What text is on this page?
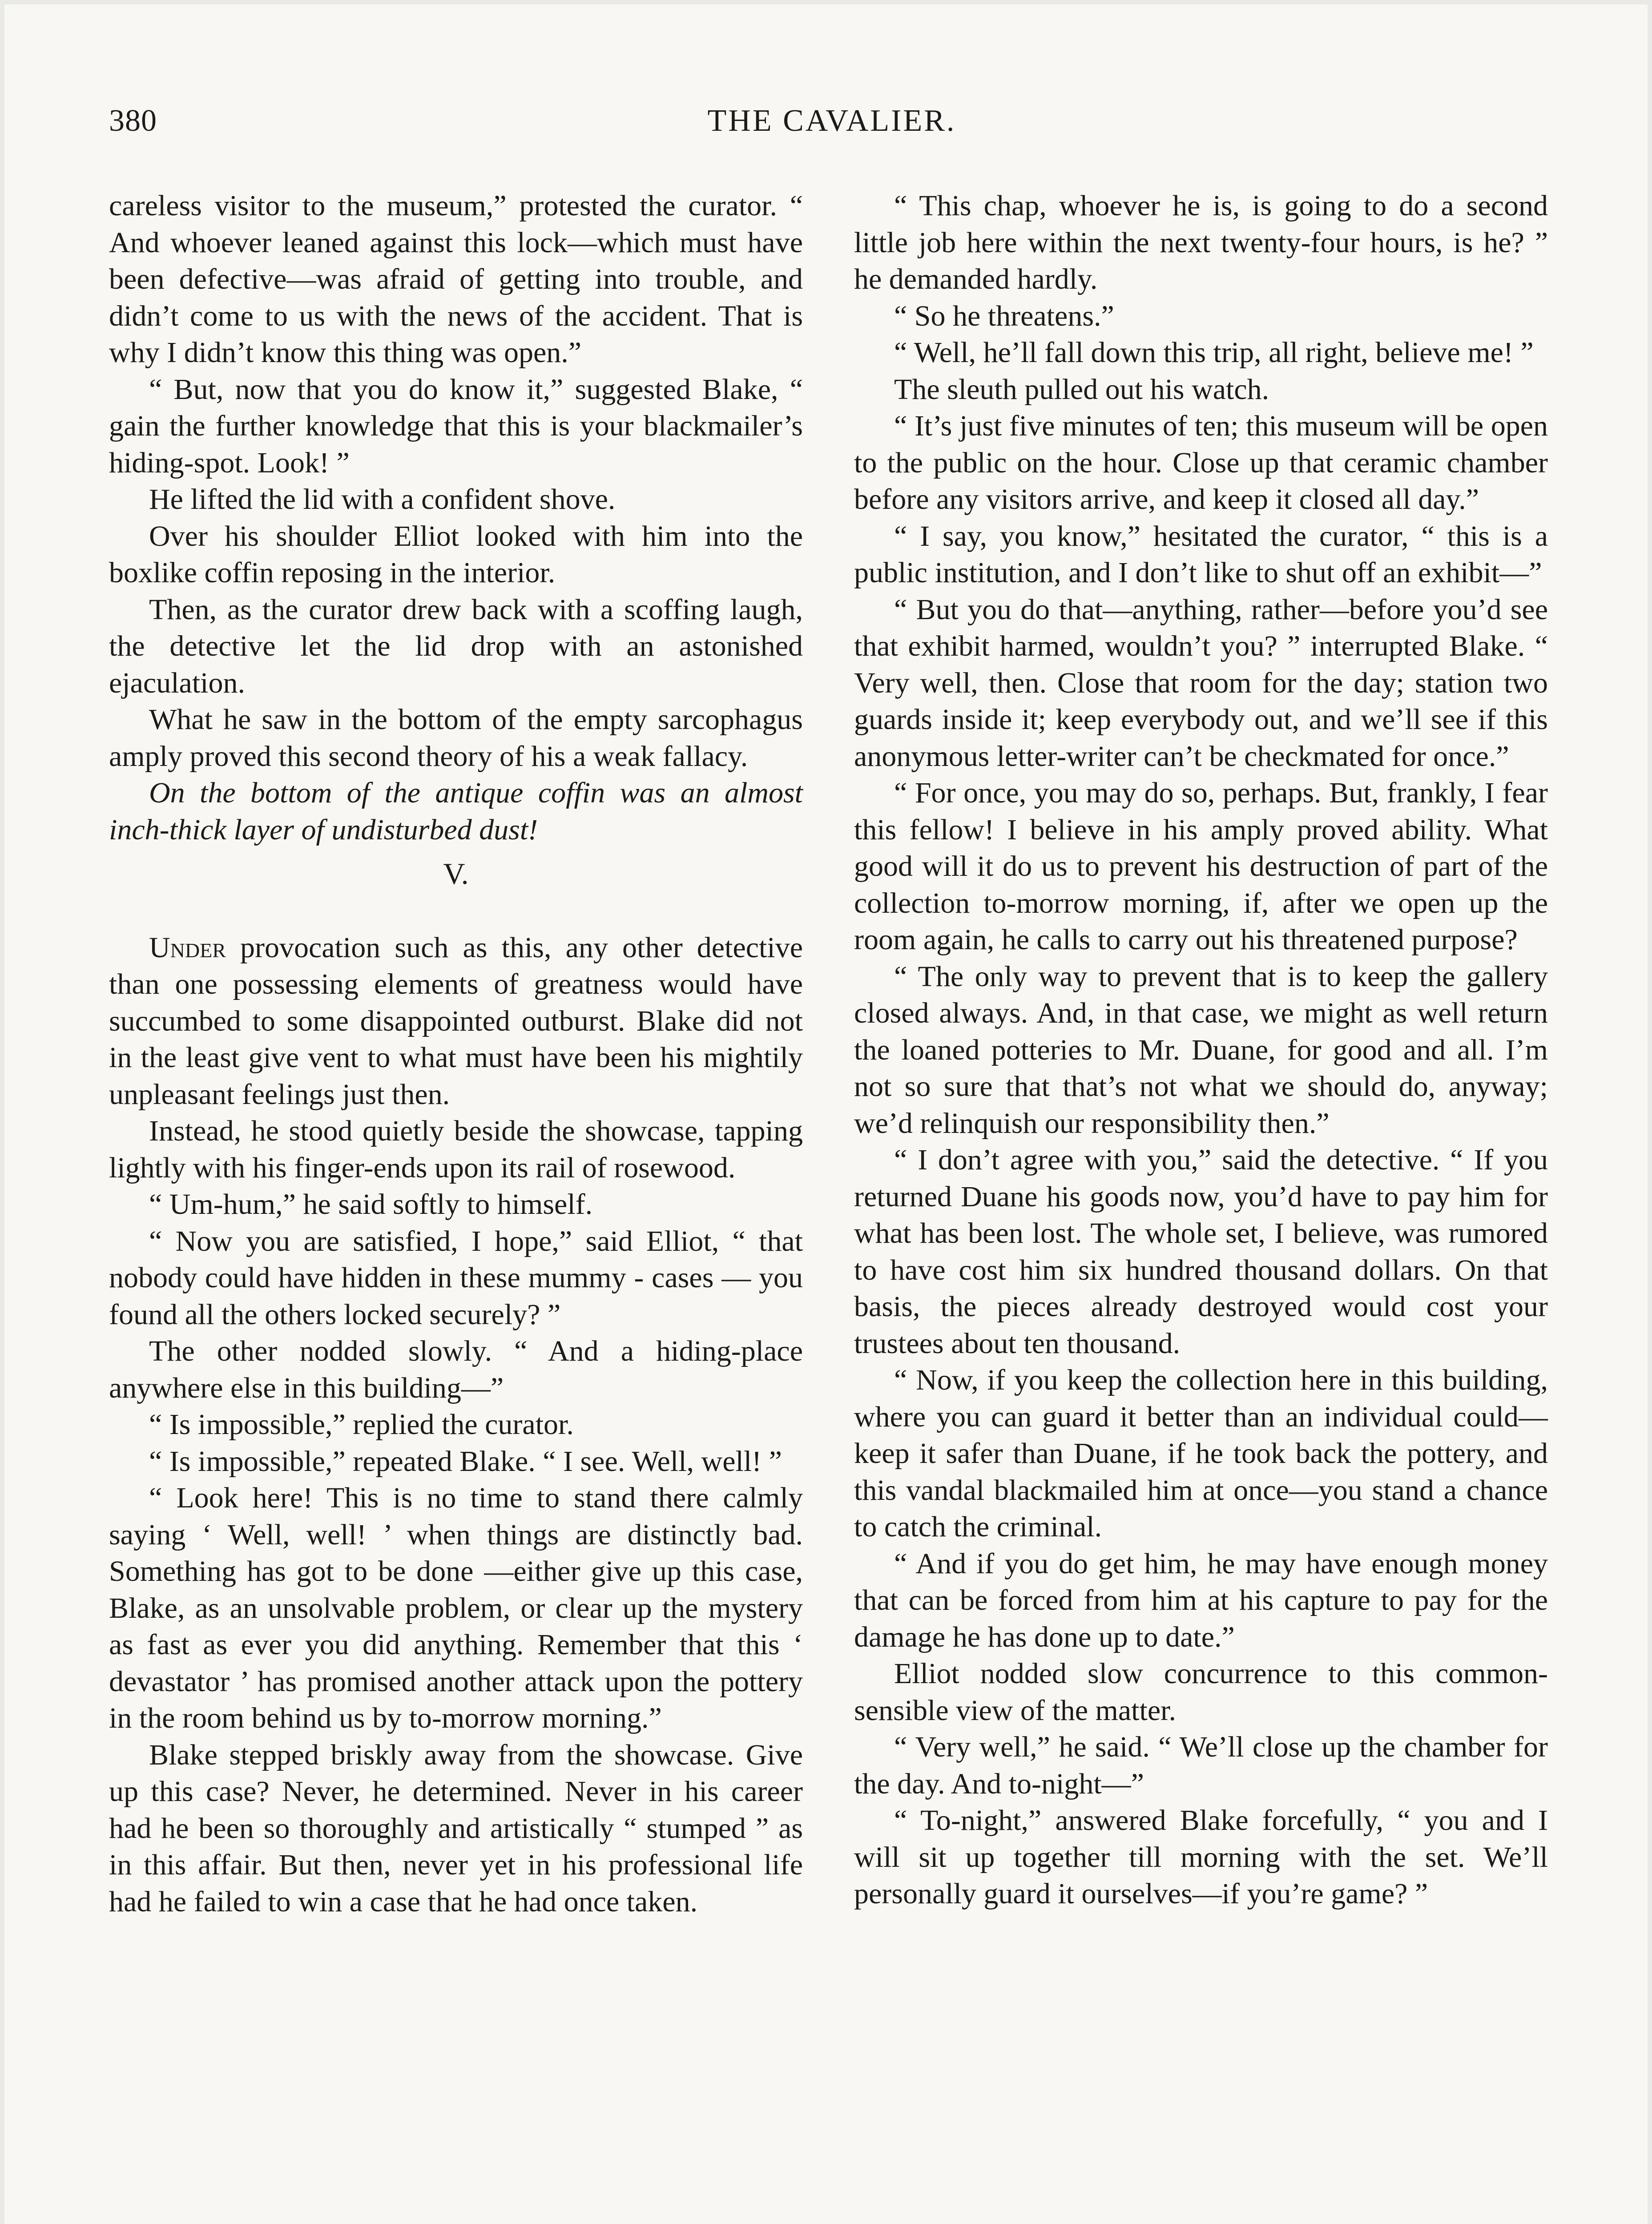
380	THE CAVALIER.

careless visitor to the museum,” protested the curator. “ And whoever leaned against this lock—which must have been defective—was afraid of getting into trouble, and didn’t come to us with the news of the accident. That is why I didn’t know this thing was open.”

“ But, now that you do know it,” suggested Blake, “ gain the further knowledge that this is your blackmailer’s hiding-spot. Look! ”

He lifted the lid with a confident shove.

Over his shoulder Elliot looked with him into the boxlike coffin reposing in the interior.

Then, as the curator drew back with a scoffing laugh, the detective let the lid drop with an astonished ejaculation.

What he saw in the bottom of the empty sarcophagus amply proved this second theory of his a weak fallacy.

On the bottom of the antique coffin was an almost inch-thick layer of undisturbed dust!

V.

Under provocation such as this, any other detective than one possessing elements of greatness would have succumbed to some disappointed outburst. Blake did not in the least give vent to what must have been his mightily unpleasant feelings just then.

Instead, he stood quietly beside the showcase, tapping lightly with his finger-ends upon its rail of rosewood.

“ Um-hum,” he said softly to himself.

“ Now you are satisfied, I hope,” said Elliot, “ that nobody could have hidden in these mummy - cases — you found all the others locked securely? ”

The other nodded slowly. “ And a hiding-place anywhere else in this building—”

“ Is impossible,” replied the curator.

“ Is impossible,” repeated Blake. “ I see. Well, well! ”

“ Look here! This is no time to stand there calmly saying ‘ Well, well! ’ when things are distinctly bad. Something has got to be done —either give up this case, Blake, as an unsolvable problem, or clear up the mystery as fast as ever you did anything. Remember that this ‘ devastator ’ has promised another attack upon the pottery in the room behind us by to-morrow morning.”

Blake stepped briskly away from the showcase. Give up this case? Never, he determined. Never in his career had he been so thoroughly and artistically “ stumped ” as in this affair. But then, never yet in his professional life had he failed to win a case that he had once taken.

“ This chap, whoever he is, is going to do a second little job here within the next twenty-four hours, is he? ” he demanded hardly.

“ So he threatens.”

“ Well, he’ll fall down this trip, all right, believe me! ”

The sleuth pulled out his watch.

“ It’s just five minutes of ten; this museum will be open to the public on the hour. Close up that ceramic chamber before any visitors arrive, and keep it closed all day.”

“ I say, you know,” hesitated the curator, “ this is a public institution, and I don’t like to shut off an exhibit—”

“ But you do that—anything, rather—before you’d see that exhibit harmed, wouldn’t you? ” interrupted Blake. “ Very well, then. Close that room for the day; station two guards inside it; keep everybody out, and we’ll see if this anonymous letter-writer can’t be checkmated for once.”

“ For once, you may do so, perhaps. But, frankly, I fear this fellow! I believe in his amply proved ability. What good will it do us to prevent his destruction of part of the collection to-morrow morning, if, after we open up the room again, he calls to carry out his threatened purpose?

“ The only way to prevent that is to keep the gallery closed always. And, in that case, we might as well return the loaned potteries to Mr. Duane, for good and all. I’m not so sure that that’s not what we should do, anyway; we’d relinquish our responsibility then.”

“ I don’t agree with you,” said the detective. “ If you returned Duane his goods now, you’d have to pay him for what has been lost. The whole set, I believe, was rumored to have cost him six hundred thousand dollars. On that basis, the pieces already destroyed would cost your trustees about ten thousand.

“ Now, if you keep the collection here in this building, where you can guard it better than an individual could—keep it safer than Duane, if he took back the pottery, and this vandal blackmailed him at once—you stand a chance to catch the criminal.

“ And if you do get him, he may have enough money that can be forced from him at his capture to pay for the damage he has done up to date.”

Elliot nodded slow concurrence to this common-sensible view of the matter.

“ Very well,” he said. “ We’ll close up the chamber for the day. And to-night—”

“ To-night,” answered Blake forcefully, “ you and I will sit up together till morning with the set. We’ll personally guard it ourselves—if you’re game? ”
